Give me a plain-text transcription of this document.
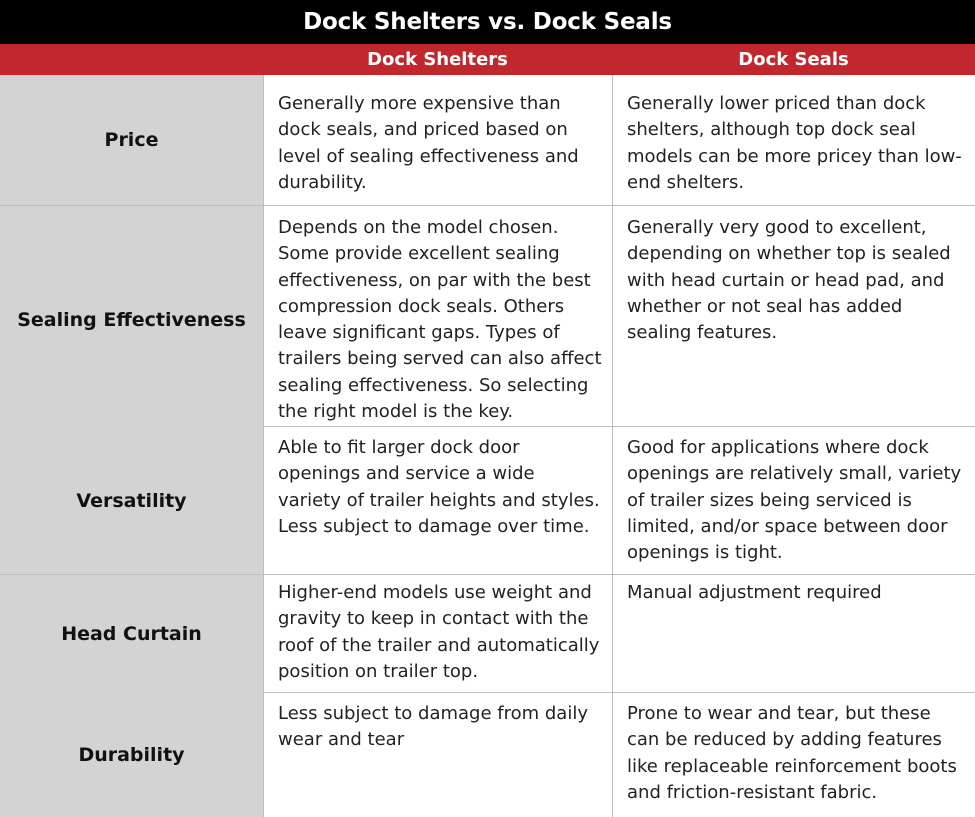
Dock Shelters vs. Dock Seals
Dock Shelters	Dock Seals
Price
Generally more expensive than dock seals, and priced based on level of sealing effectiveness and durability.
Generally lower priced than dock shelters, although top dock seal models can be more pricey than low-end shelters.
Sealing Effectiveness
Depends on the model chosen. Some provide excellent sealing effectiveness, on par with the best compression dock seals. Others leave significant gaps. Types of trailers being served can also affect sealing effectiveness. So selecting the right model is the key.
Generally very good to excellent, depending on whether top is sealed with head curtain or head pad, and whether or not seal has added sealing features.
Versatility
Able to fit larger dock door openings and service a wide variety of trailer heights and styles. Less subject to damage over time.
Good for applications where dock openings are relatively small, variety of trailer sizes being serviced is limited, and/or space between door openings is tight.
Head Curtain
Higher-end models use weight and gravity to keep in contact with the roof of the trailer and automatically position on trailer top.
Manual adjustment required
Durability
Less subject to damage from daily wear and tear
Prone to wear and tear, but these can be reduced by adding features like replaceable reinforcement boots and friction-resistant fabric.
